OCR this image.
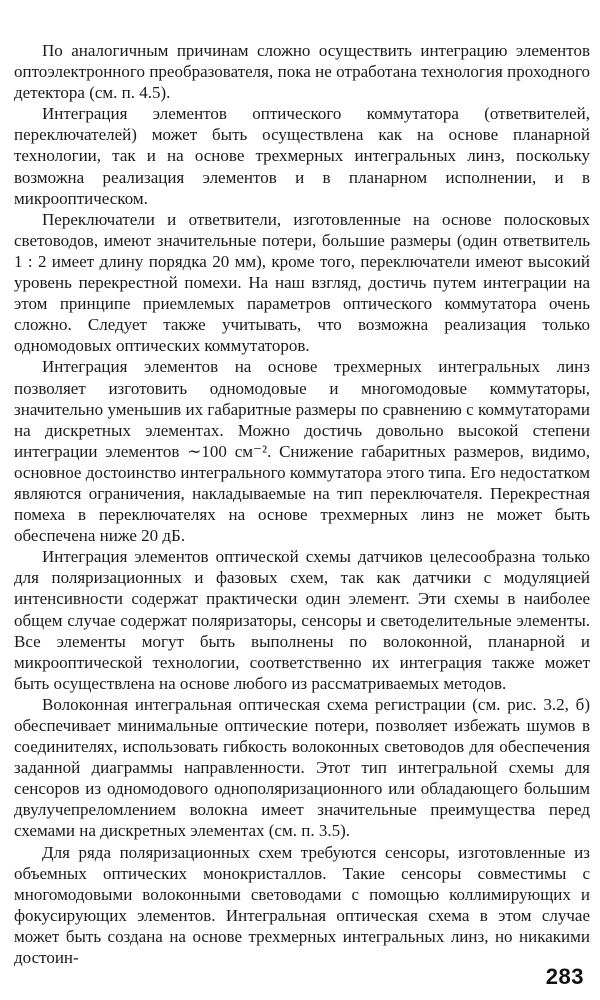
По аналогичным причинам сложно осуществить интеграцию элементов оптоэлектронного преобразователя, пока не отработана технология проходного детектора (см. п. 4.5).

Интеграция элементов оптического коммутатора (ответвителей, переключателей) может быть осуществлена как на основе планарной технологии, так и на основе трехмерных интегральных линз, поскольку возможна реализация элементов и в планарном исполнении, и в микрооптическом.

Переключатели и ответвители, изготовленные на основе полосковых световодов, имеют значительные потери, большие размеры (один ответвитель 1 : 2 имеет длину порядка 20 мм), кроме того, переключатели имеют высокий уровень перекрестной помехи. На наш взгляд, достичь путем интеграции на этом принципе приемлемых параметров оптического коммутатора очень сложно. Следует также учитывать, что возможна реализация только одномодовых оптических коммутаторов.

Интеграция элементов на основе трехмерных интегральных линз позволяет изготовить одномодовые и многомодовые коммутаторы, значительно уменьшив их габаритные размеры по сравнению с коммутаторами на дискретных элементах. Можно достичь довольно высокой степени интеграции элементов ∼100 см⁻². Снижение габаритных размеров, видимо, основное достоинство интегрального коммутатора этого типа. Его недостатком являются ограничения, накладываемые на тип переключателя. Перекрестная помеха в переключателях на основе трехмерных линз не может быть обеспечена ниже 20 дБ.

Интеграция элементов оптической схемы датчиков целесообразна только для поляризационных и фазовых схем, так как датчики с модуляцией интенсивности содержат практически один элемент. Эти схемы в наиболее общем случае содержат поляризаторы, сенсоры и светоделительные элементы. Все элементы могут быть выполнены по волоконной, планарной и микрооптической технологии, соответственно их интеграция также может быть осуществлена на основе любого из рассматриваемых методов.

Волоконная интегральная оптическая схема регистрации (см. рис. 3.2, б) обеспечивает минимальные оптические потери, позволяет избежать шумов в соединителях, использовать гибкость волоконных световодов для обеспечения заданной диаграммы направленности. Этот тип интегральной схемы для сенсоров из одномодового однополяризационного или обладающего большим двулучепреломлением волокна имеет значительные преимущества перед схемами на дискретных элементах (см. п. 3.5).

Для ряда поляризационных схем требуются сенсоры, изготовленные из объемных оптических монокристаллов. Такие сенсоры совместимы с многомодовыми волоконными световодами с помощью коллимирующих и фокусирующих элементов. Интегральная оптическая схема в этом случае может быть создана на основе трехмерных интегральных линз, но никакими достоин-

283
